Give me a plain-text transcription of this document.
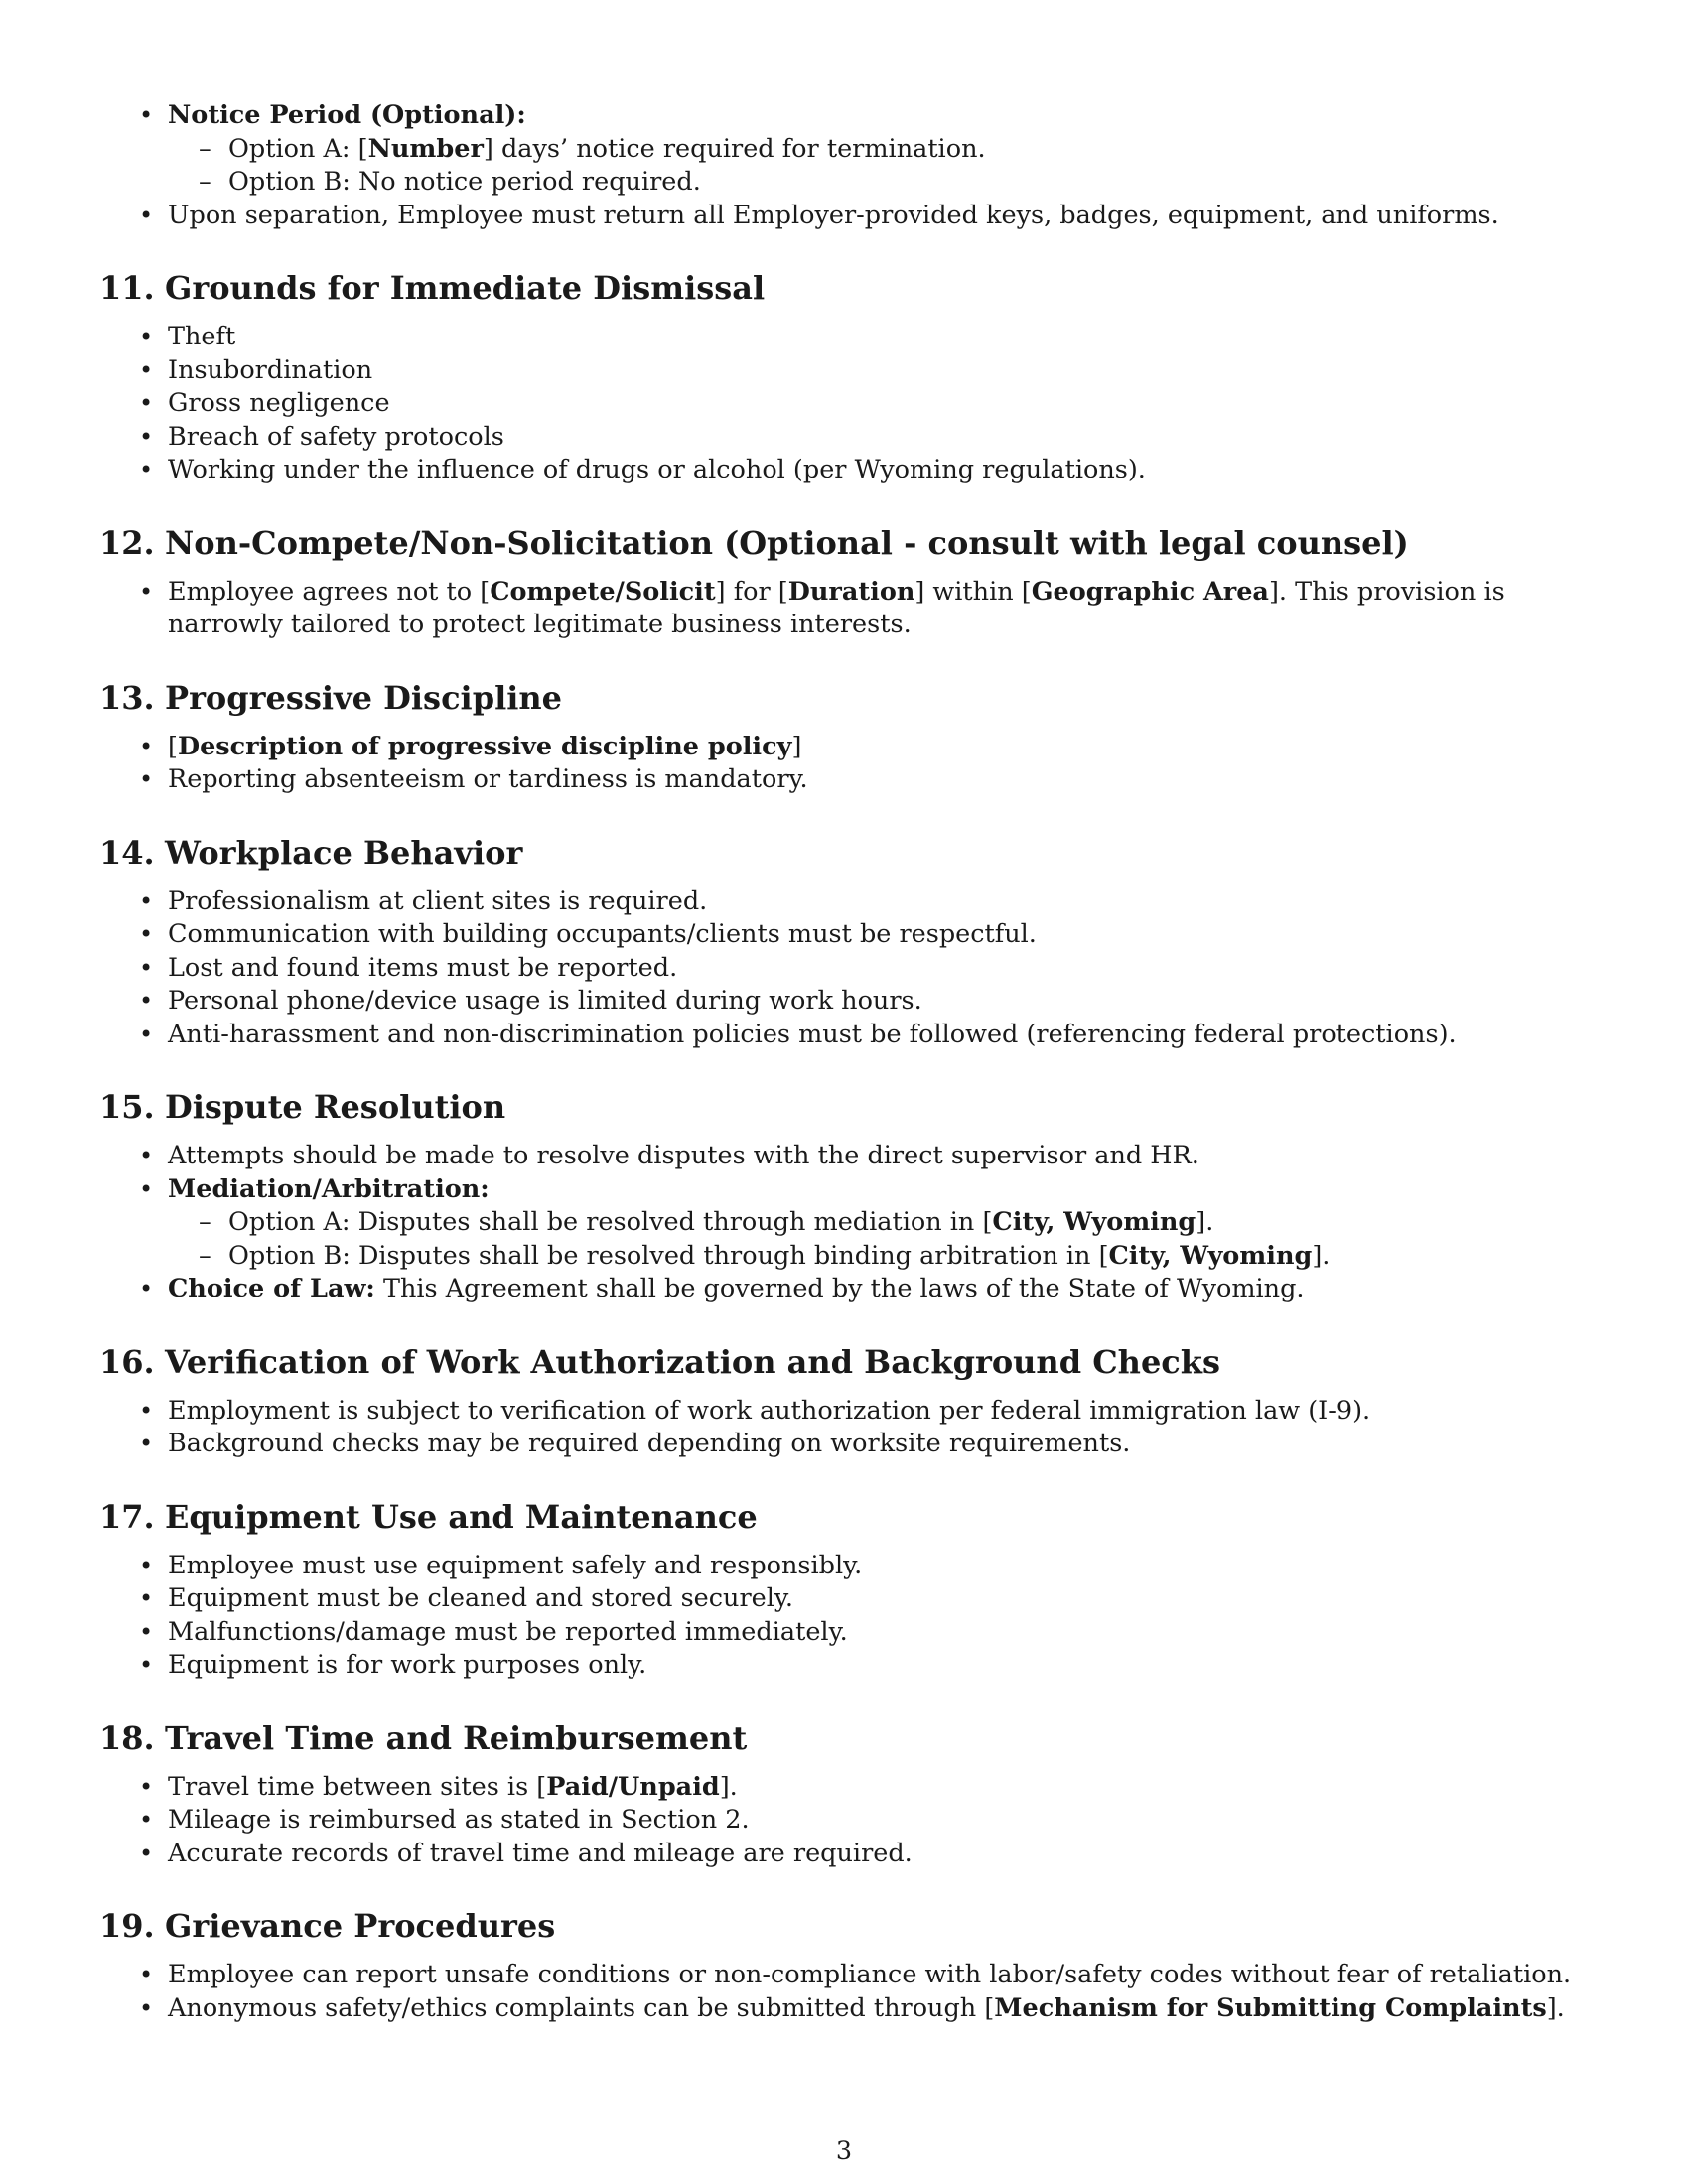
• Notice Period (Optional):
– Option A: [Number] days’ notice required for termination.
– Option B: No notice period required.
• Upon separation, Employee must return all Employer-provided keys, badges, equipment, and uniforms.
11. Grounds for Immediate Dismissal
• Theft
• Insubordination
• Gross negligence
• Breach of safety protocols
• Working under the influence of drugs or alcohol (per Wyoming regulations).
12. Non-Compete/Non-Solicitation (Optional - consult with legal counsel)
• Employee agrees not to [Compete/Solicit] for [Duration] within [Geographic Area]. This provision is narrowly tailored to protect legitimate business interests.
13. Progressive Discipline
• [Description of progressive discipline policy]
• Reporting absenteeism or tardiness is mandatory.
14. Workplace Behavior
• Professionalism at client sites is required.
• Communication with building occupants/clients must be respectful.
• Lost and found items must be reported.
• Personal phone/device usage is limited during work hours.
• Anti-harassment and non-discrimination policies must be followed (referencing federal protections).
15. Dispute Resolution
• Attempts should be made to resolve disputes with the direct supervisor and HR.
• Mediation/Arbitration:
– Option A: Disputes shall be resolved through mediation in [City, Wyoming].
– Option B: Disputes shall be resolved through binding arbitration in [City, Wyoming].
• Choice of Law: This Agreement shall be governed by the laws of the State of Wyoming.
16. Verification of Work Authorization and Background Checks
• Employment is subject to verification of work authorization per federal immigration law (I-9).
• Background checks may be required depending on worksite requirements.
17. Equipment Use and Maintenance
• Employee must use equipment safely and responsibly.
• Equipment must be cleaned and stored securely.
• Malfunctions/damage must be reported immediately.
• Equipment is for work purposes only.
18. Travel Time and Reimbursement
• Travel time between sites is [Paid/Unpaid].
• Mileage is reimbursed as stated in Section 2.
• Accurate records of travel time and mileage are required.
19. Grievance Procedures
• Employee can report unsafe conditions or non-compliance with labor/safety codes without fear of retaliation.
• Anonymous safety/ethics complaints can be submitted through [Mechanism for Submitting Complaints].
3
